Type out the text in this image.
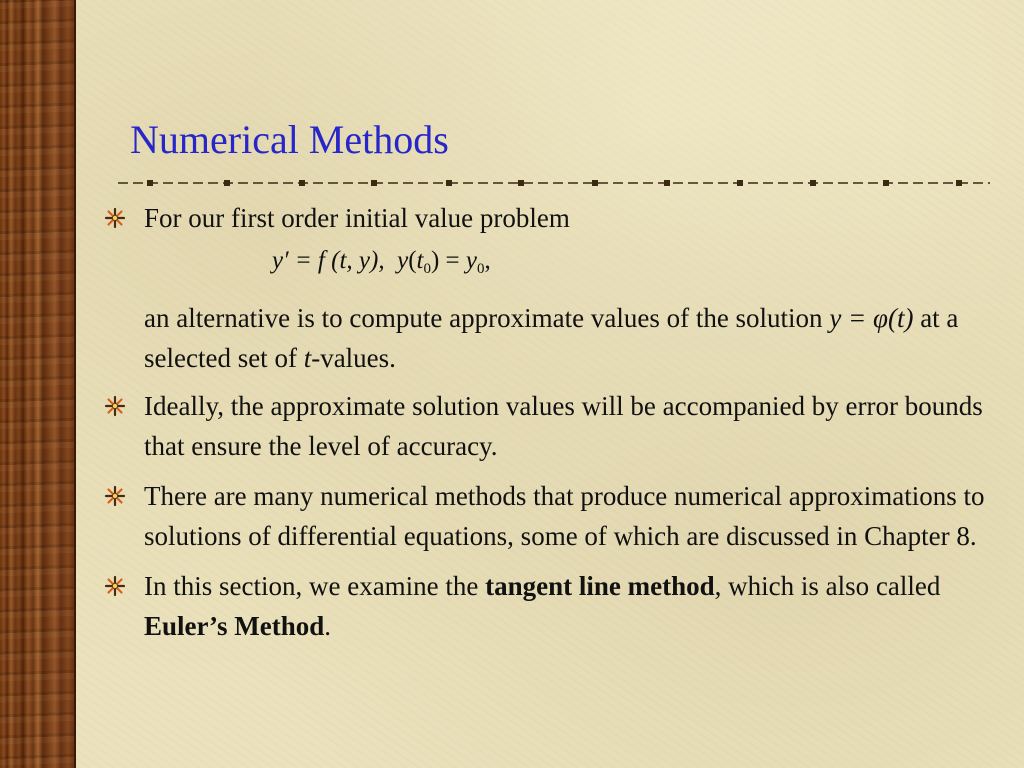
Numerical Methods
For our first order initial value problem
y′ = f (t, y), $y(t_0) = y_0$,
an alternative is to compute approximate values of the solution y = φ(t) at a selected set of t-values.
Ideally, the approximate solution values will be accompanied by error bounds that ensure the level of accuracy.
There are many numerical methods that produce numerical approximations to solutions of differential equations, some of which are discussed in Chapter 8.
In this section, we examine the tangent line method, which is also called Euler’s Method.
